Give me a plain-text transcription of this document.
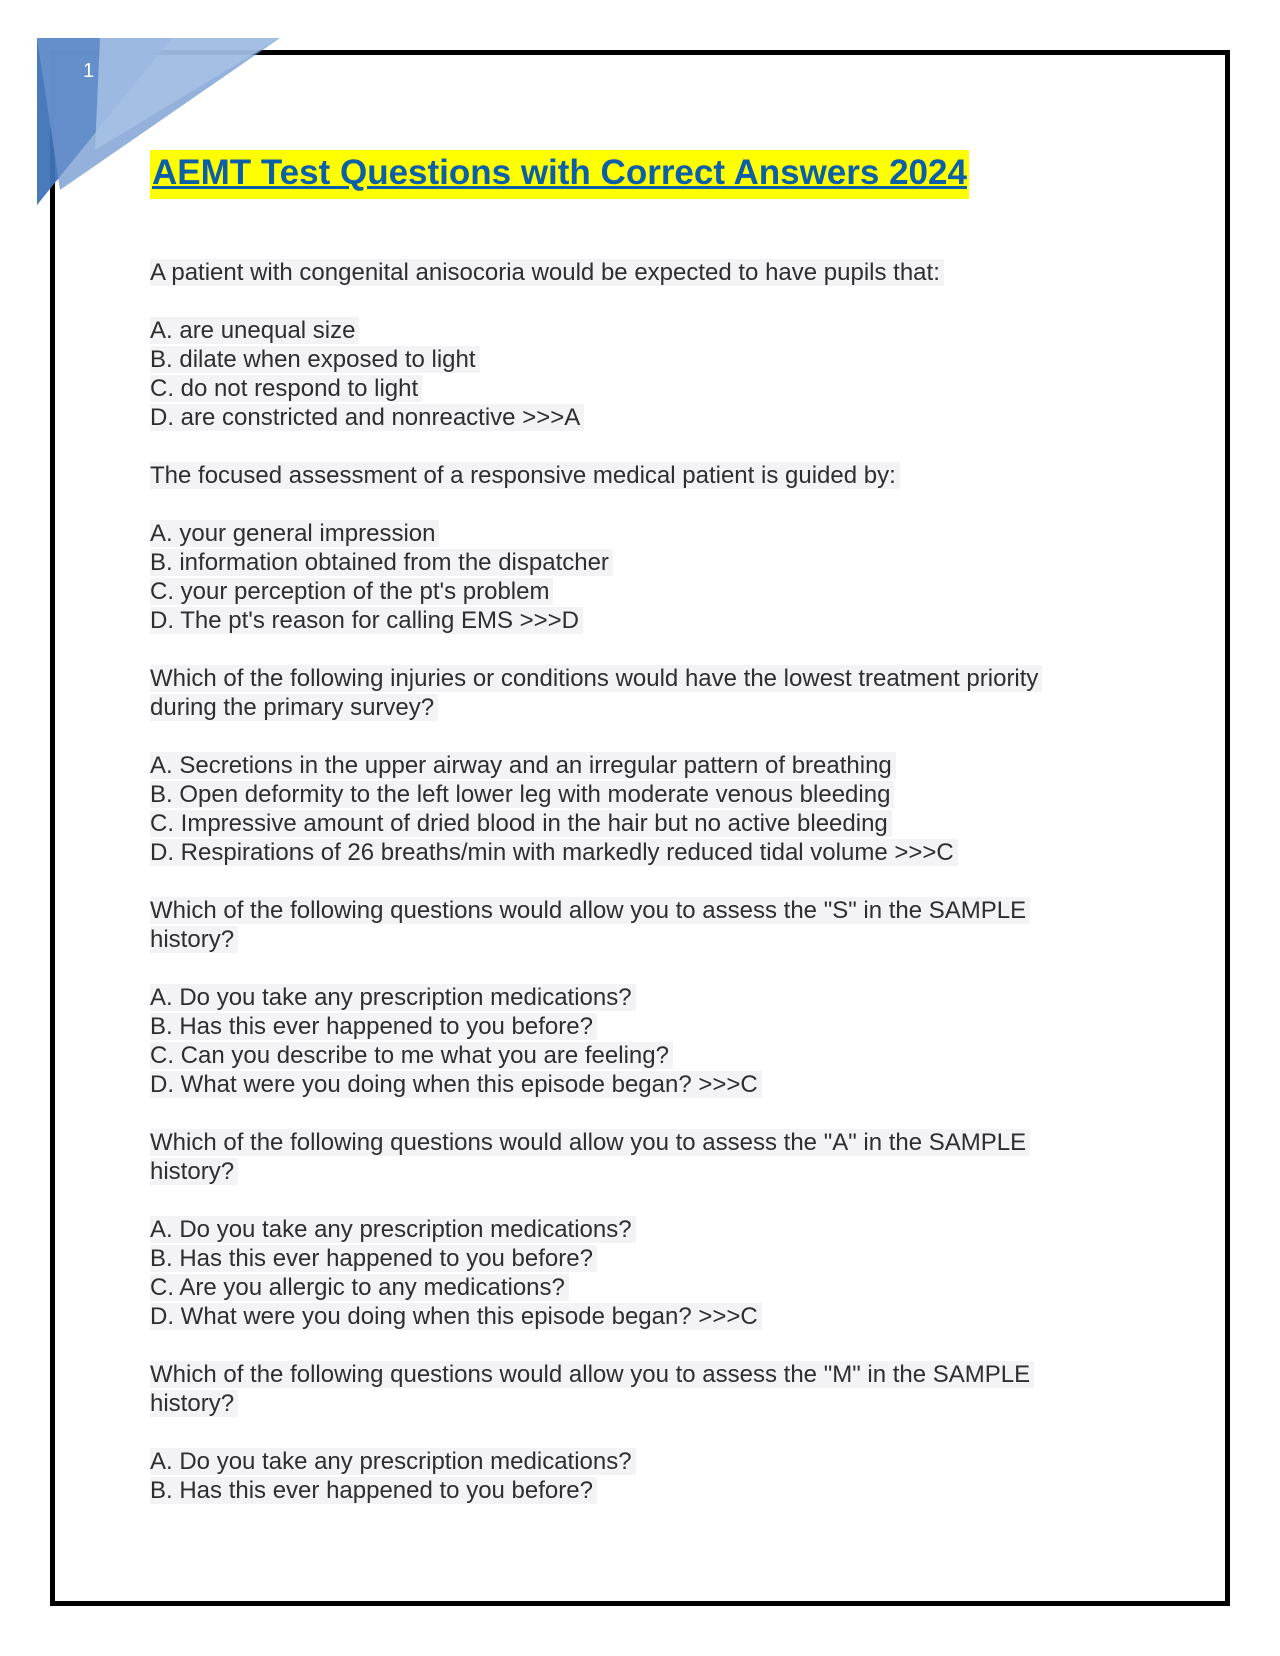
1
AEMT Test Questions with Correct Answers 2024
A patient with congenital anisocoria would be expected to have pupils that:
A. are unequal size
B. dilate when exposed to light
C. do not respond to light
D. are constricted and nonreactive >>>A
The focused assessment of a responsive medical patient is guided by:
A. your general impression
B. information obtained from the dispatcher
C. your perception of the pt's problem
D. The pt's reason for calling EMS >>>D
Which of the following injuries or conditions would have the lowest treatment priority
during the primary survey?
A. Secretions in the upper airway and an irregular pattern of breathing
B. Open deformity to the left lower leg with moderate venous bleeding
C. Impressive amount of dried blood in the hair but no active bleeding
D. Respirations of 26 breaths/min with markedly reduced tidal volume >>>C
Which of the following questions would allow you to assess the "S" in the SAMPLE
history?
A. Do you take any prescription medications?
B. Has this ever happened to you before?
C. Can you describe to me what you are feeling?
D. What were you doing when this episode began? >>>C
Which of the following questions would allow you to assess the "A" in the SAMPLE
history?
A. Do you take any prescription medications?
B. Has this ever happened to you before?
C. Are you allergic to any medications?
D. What were you doing when this episode began? >>>C
Which of the following questions would allow you to assess the "M" in the SAMPLE
history?
A. Do you take any prescription medications?
B. Has this ever happened to you before?
